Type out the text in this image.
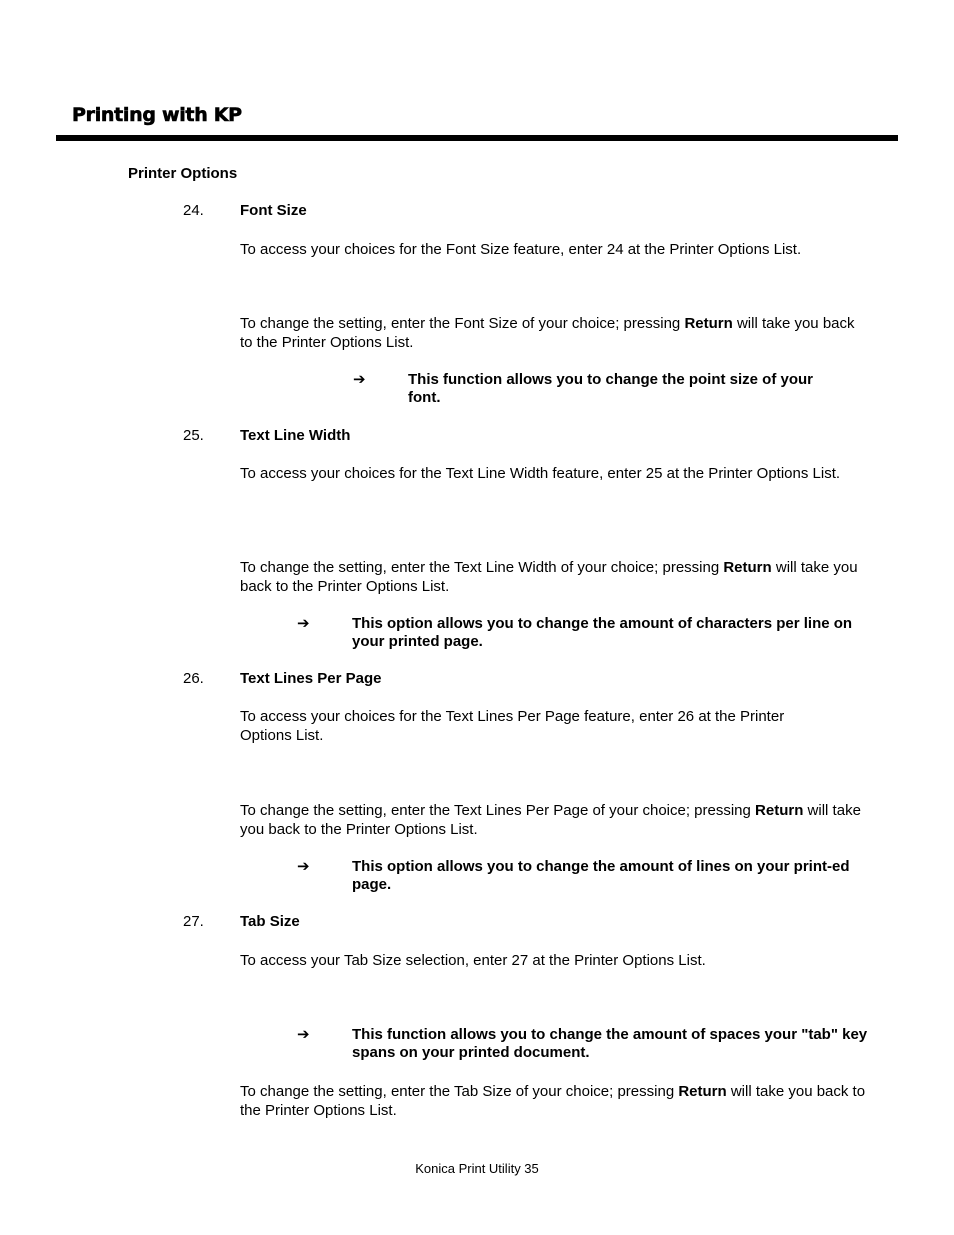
Printing with KP
Printer Options
24. Font Size
To access your choices for the Font Size feature, enter 24 at the Printer Options List.
To change the setting, enter the Font Size of your choice; pressing Return will take you back to the Printer Options List.
➔	This function allows you to change the point size of your font.
25. Text Line Width
To access your choices for the Text Line Width feature, enter 25 at the Printer Options List.
To change the setting, enter the Text Line Width of your choice; pressing Return will take you back to the Printer Options List.
➔	This option allows you to change the amount of characters per line on your printed page.
26. Text Lines Per Page
To access your choices for the Text Lines Per Page feature, enter 26 at the Printer Options List.
To change the setting, enter the Text Lines Per Page of your choice; pressing Return will take you back to the Printer Options List.
➔	This option allows you to change the amount of lines on your print-ed page.
27. Tab Size
To access your Tab Size selection, enter 27 at the Printer Options List.
➔	This function allows you to change the amount of spaces your "tab" key spans on your printed document.
To change the setting, enter the Tab Size of your choice; pressing Return will take you back to the Printer Options List.
Konica Print Utility 35
